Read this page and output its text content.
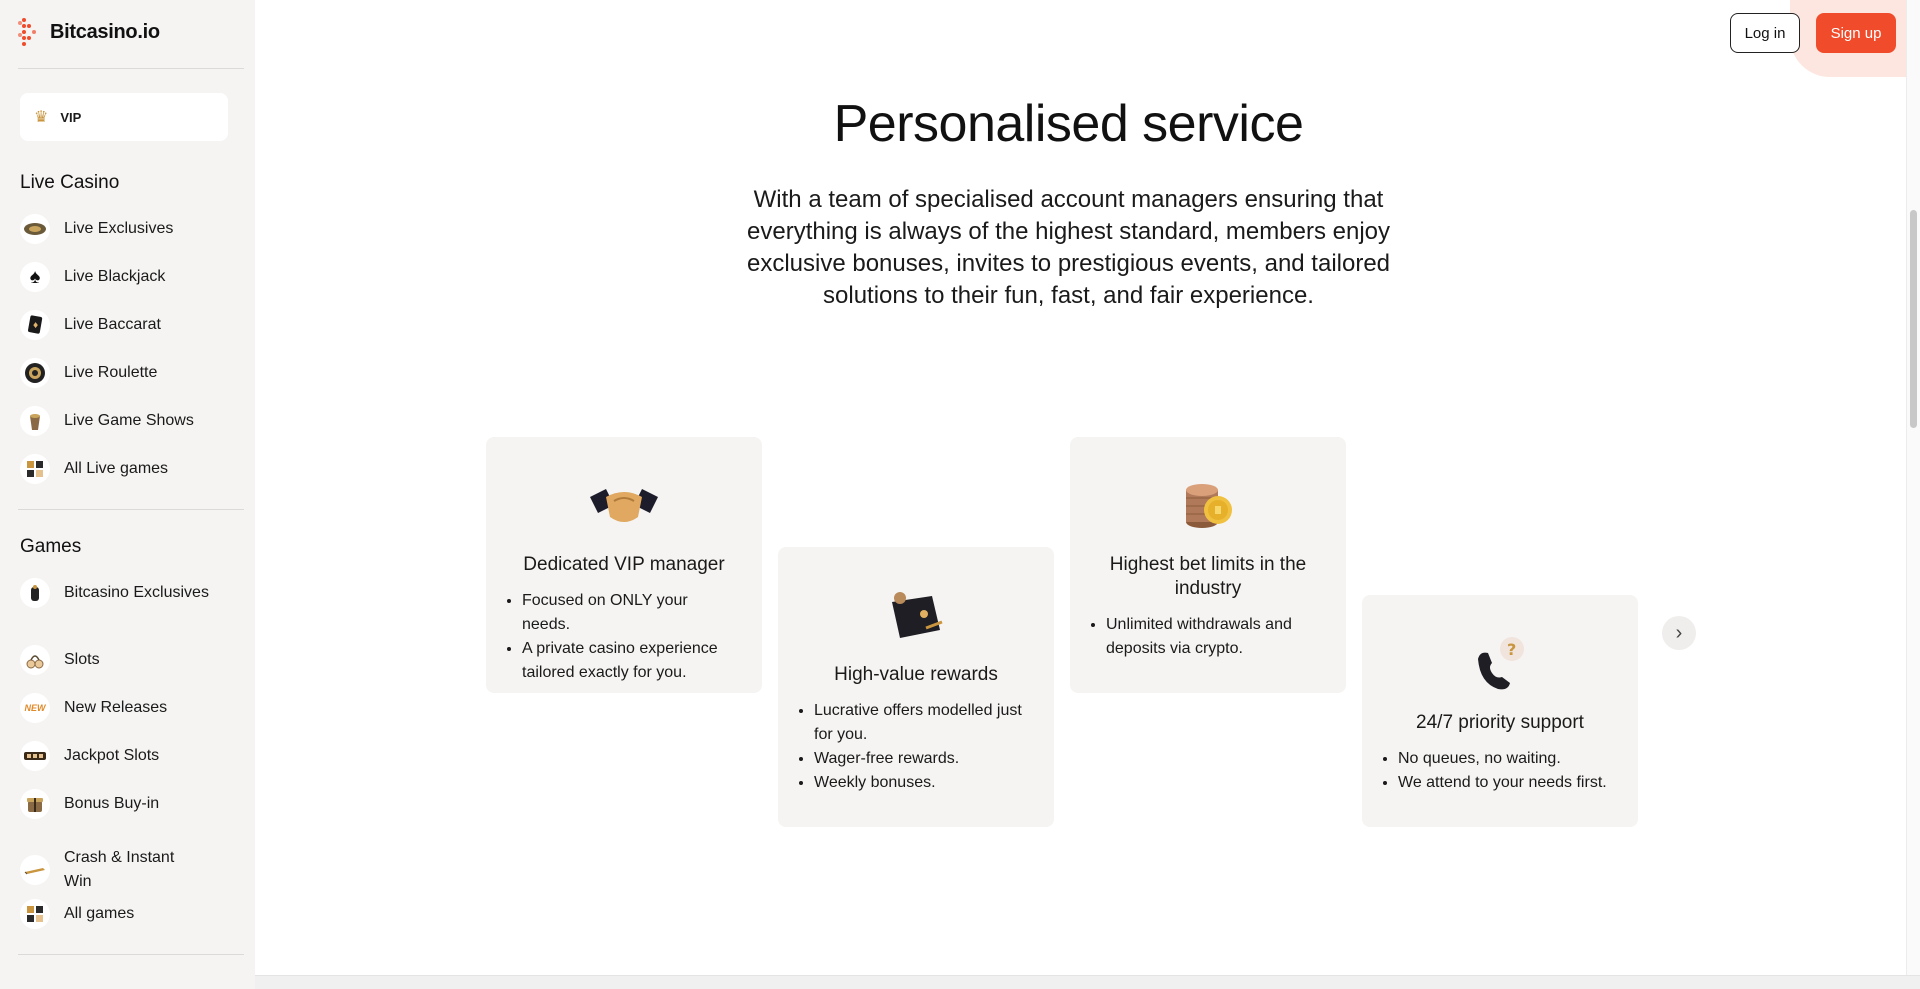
Bitcasino.io
♛ VIP
Live Casino
Live Exclusives
♠	Live Blackjack
♦ Live Baccarat
Live Roulette
Live Game Shows
All Live games
Games
Bitcasino Exclusives
Slots
NEW New Releases
Jackpot Slots
Bonus Buy-in
Crash & Instant Win
All games
Log in	Sign up
Personalised service

With a team of specialised account managers ensuring that everything is always of the highest standard, members enjoy exclusive bonuses, invites to prestigious events, and tailored solutions to their fun, fast, and fair experience.

Dedicated VIP manager
• Focused on ONLY your needs.
• A private casino experience tailored exactly for you.	High-value rewards
• Lucrative offers modelled just for you.
• Wager-free rewards.
• Weekly bonuses.
Highest bet limits in the industry
• Unlimited withdrawals and deposits via crypto.	?
24/7 priority support
• No queues, no waiting.
• We attend to your needs first.
›
